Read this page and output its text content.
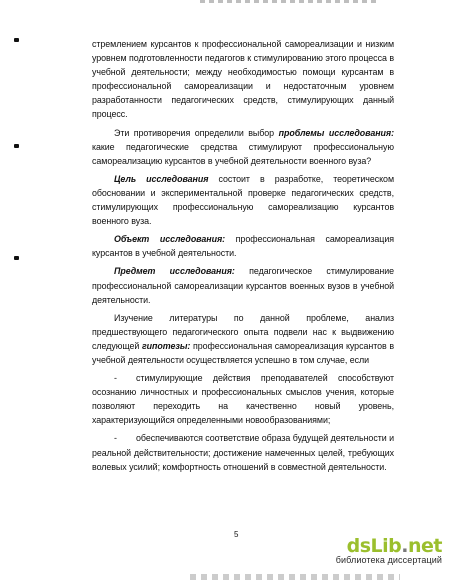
стремлением курсантов к профессиональной самореализации и низким уровнем подготовленности педагогов к стимулированию этого процесса в учебной деятельности; между необходимостью помощи курсантам в профессиональной самореализации и недостаточным уровнем разработанности педагогических средств, стимулирующих данный процесс.

Эти противоречия определили выбор проблемы исследования: какие педагогические средства стимулируют профессиональную самореализацию курсантов в учебной деятельности военного вуза?

Цель исследования состоит в разработке, теоретическом обосновании и экспериментальной проверке педагогических средств, стимулирующих профессиональную самореализацию курсантов военного вуза.

Объект исследования: профессиональная самореализация курсантов в учебной деятельности.

Предмет исследования: педагогическое стимулирование профессиональной самореализации курсантов военных вузов в учебной деятельности.

Изучение литературы по данной проблеме, анализ предшествующего педагогического опыта подвели нас к выдвижению следующей гипотезы: профессиональная самореализация курсантов в учебной деятельности осуществляется успешно в том случае, если

- стимулирующие действия преподавателей способствуют осознанию личностных и профессиональных смыслов учения, которые позволяют переходить на качественно новый уровень, характеризующийся определенными новообразованиями;

- обеспечиваются соответствие образа будущей деятельности и реальной действительности; достижение намеченных целей, требующих волевых усилий; комфортность отношений в совместной деятельности.

5
dsLib.net
библиотека диссертаций
